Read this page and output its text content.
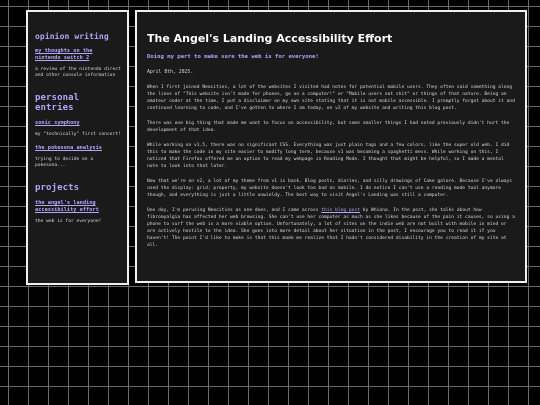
opinion writing
my thoughts on the nintendo switch 2
a review of the nintendo direct and other console information
personal entries
sonic symphony
my "technically" first concert!
the pokesona analysis
trying to decide on a pokesona...
projects
the angel's landing accessibility effort
the web is for everyone!
The Angel's Landing Accessibility Effort
Doing my part to make sure the web is for everyone!
April 8th, 2025.

When I first joined Neocities, a lot of the websites I visited had notes for potential mobile users. They often said something along the lines of "This website isn't made for phones, go on a computer!" or "Mobile users eat shit" or things of that nature. Being an amateur coder at the time, I put a disclaimer on my own site stating that it is not mobile accessible. I promptly forgot about it and continued learning to code, and I've gotten to where I am today, on v2 of my website and writing this blog post.

There was one big thing that made me want to focus on accessibility, but some smaller things I had noted previously didn't hurt the development of that idea.

While working on v1.5, there was no significant CSS. Everything was just plain tags and a few colors, like the super old web. I did this to make the code in my site easier to modify long term, because v1 was becoming a spaghetti mess. While working on this, I noticed that Firefox offered me an option to read my webpage in Reading Mode. I thought that might be helpful, so I made a mental note to look into that later.

Now that we're on v2, a lot of my theme from v1 is back. Blog posts, diaries, and silly drawings of Cake galore. Because I've always used the display: grid; property, my website doesn't look too bad on mobile. I do notice I can't use a reading mode tool anymore though, and everything is just a little unwieldy. The best way to visit Angel's Landing was still a computer.

One day, I'm perusing Neocities as one does, and I came across this blog post by Whiona. In the post, she talks about how fibromyalgia has affected her web browsing. She can't use her computer as much as she likes because of the pain it causes, so using a phone to surf the web is a more viable option. Unfortunately, a lot of sites on the indie web are not built with mobile in mind or are actively hostile to the idea. She goes into more detail about her situation in the post, I encourage you to read it if you haven't! The point I'd like to make is that this made me realize that I hadn't considered disability in the creation of my site at all.
